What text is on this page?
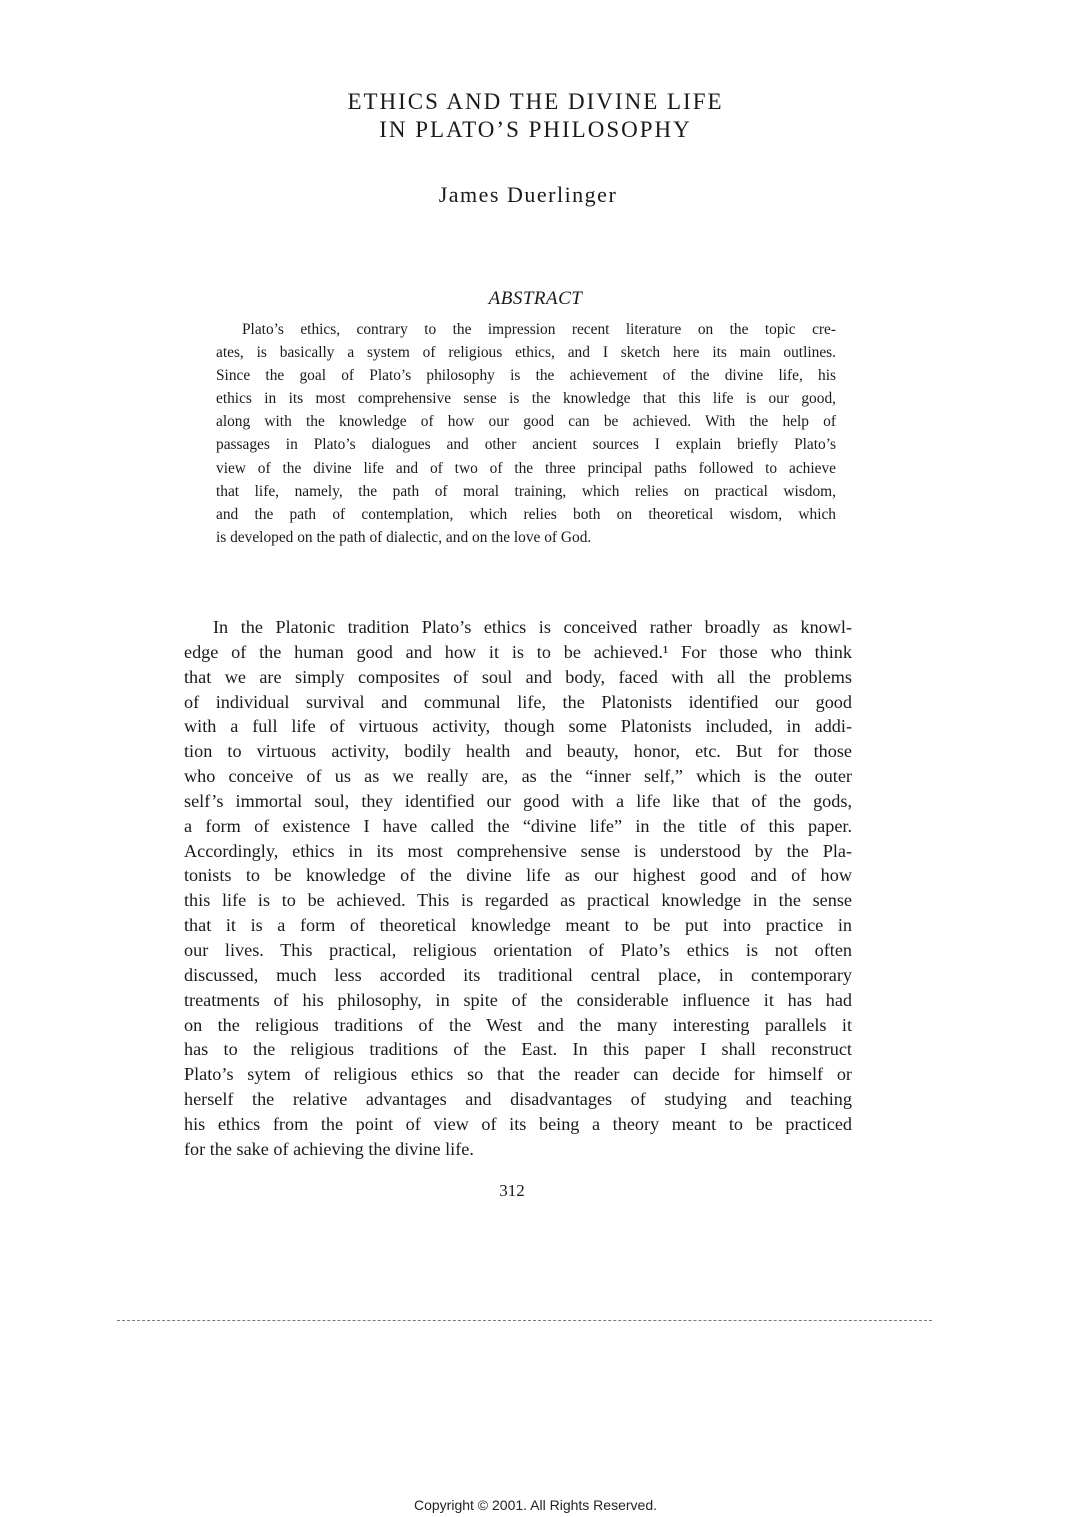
ETHICS AND THE DIVINE LIFE
IN PLATO’S PHILOSOPHY
James Duerlinger
ABSTRACT
Plato’s ethics, contrary to the impression recent literature on the topic cre-
ates, is basically a system of religious ethics, and I sketch here its main outlines.
Since the goal of Plato’s philosophy is the achievement of the divine life, his
ethics in its most comprehensive sense is the knowledge that this life is our good,
along with the knowledge of how our good can be achieved. With the help of
passages in Plato’s dialogues and other ancient sources I explain briefly Plato’s
view of the divine life and of two of the three principal paths followed to achieve
that life, namely, the path of moral training, which relies on practical wisdom,
and the path of contemplation, which relies both on theoretical wisdom, which
is developed on the path of dialectic, and on the love of God.
In the Platonic tradition Plato’s ethics is conceived rather broadly as knowl-
edge of the human good and how it is to be achieved.¹ For those who think
that we are simply composites of soul and body, faced with all the problems
of individual survival and communal life, the Platonists identified our good
with a full life of virtuous activity, though some Platonists included, in addi-
tion to virtuous activity, bodily health and beauty, honor, etc. But for those
who conceive of us as we really are, as the “inner self,” which is the outer
self’s immortal soul, they identified our good with a life like that of the gods,
a form of existence I have called the “divine life” in the title of this paper.
Accordingly, ethics in its most comprehensive sense is understood by the Pla-
tonists to be knowledge of the divine life as our highest good and of how
this life is to be achieved. This is regarded as practical knowledge in the sense
that it is a form of theoretical knowledge meant to be put into practice in
our lives. This practical, religious orientation of Plato’s ethics is not often
discussed, much less accorded its traditional central place, in contemporary
treatments of his philosophy, in spite of the considerable influence it has had
on the religious traditions of the West and the many interesting parallels it
has to the religious traditions of the East. In this paper I shall reconstruct
Plato’s sytem of religious ethics so that the reader can decide for himself or
herself the relative advantages and disadvantages of studying and teaching
his ethics from the point of view of its being a theory meant to be practiced
for the sake of achieving the divine life.
312
Copyright © 2001. All Rights Reserved.
